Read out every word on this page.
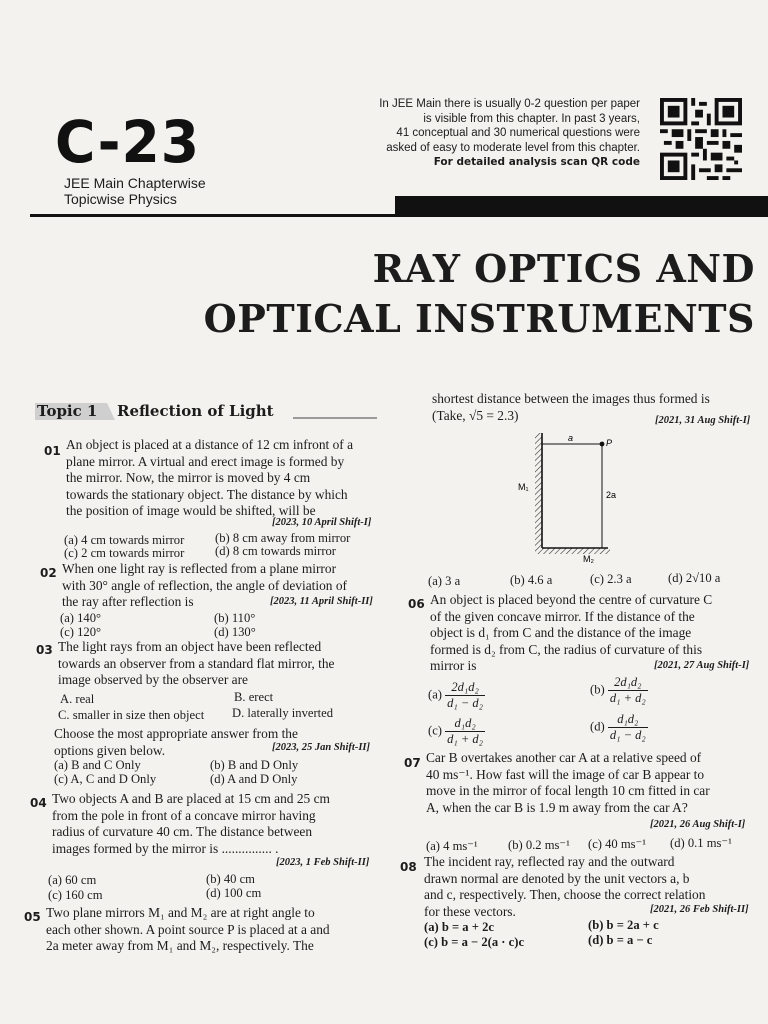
C-23
JEE Main Chapterwise
Topicwise Physics
In JEE Main there is usually 0-2 question per paper
is visible from this chapter. In past 3 years,
41 conceptual and 30 numerical questions were
asked of easy to moderate level from this chapter.
For detailed analysis scan QR code
RAY OPTICS AND
OPTICAL INSTRUMENTS
Topic 1 Reflection of Light
01 An object is placed at a distance of 12 cm infront of a
plane mirror. A virtual and erect image is formed by
the mirror. Now, the mirror is moved by 4 cm
towards the stationary object. The distance by which
the position of image would be shifted, will be
[2023, 10 April Shift-I]
(a) 4 cm towards mirror (b) 8 cm away from mirror
(c) 2 cm towards mirror (d) 8 cm towards mirror
02 When one light ray is reflected from a plane mirror
with 30° angle of reflection, the angle of deviation of
the ray after reflection is	[2023, 11 April Shift-II]
(a) 140°	(b) 110°
(c) 120°	(d) 130°
03 The light rays from an object have been reflected
towards an observer from a standard flat mirror, the
image observed by the observer are
A. real	B. erect
C. smaller in size then object D. laterally inverted
Choose the most appropriate answer from the
options given below.	[2023, 25 Jan Shift-II]
(a) B and C Only	(b) B and D Only
(c) A, C and D Only	(d) A and D Only
04 Two objects A and B are placed at 15 cm and 25 cm
from the pole in front of a concave mirror having
radius of curvature 40 cm. The distance between
images formed by the mirror is ............... .
[2023, 1 Feb Shift-II]
(a) 60 cm	(b) 40 cm
(c) 160 cm	(d) 100 cm
05 Two plane mirrors M₁ and M₂ are at right angle to
each other shown. A point source P is placed at a and
2a meter away from M₁ and M₂, respectively. The
shortest distance between the images thus formed is
(Take, √5 = 2.3)	[2021, 31 Aug Shift-I]
a	P
M₁
2a
M₂
(a) 3 a	(b) 4.6 a	(c) 2.3 a	(d) 2√10 a
06 An object is placed beyond the centre of curvature C
of the given concave mirror. If the distance of the
object is d₁ from C and the distance of the image
formed is d₂ from C, the radius of curvature of this
mirror is	[2021, 27 Aug Shift-I]
$(a) \frac{\text{2d₁d₂}}{\text{d₁ − d₂}}$	$(b) \frac{\text{2d₁d₂}}{\text{d₁ + d₂}}$
$(c) \frac{\text{d₁d₂}}{\text{d₁ + d₂}}$	$(d) \frac{\text{d₁d₂}}{\text{d₁ − d₂}}$
07 Car B overtakes another car A at a relative speed of
40 ms⁻¹. How fast will the image of car B appear to
move in the mirror of focal length 10 cm fitted in car
A, when the car B is 1.9 m away from the car A?
[2021, 26 Aug Shift-I]
(a) 4 ms⁻¹ (b) 0.2 ms⁻¹ (c) 40 ms⁻¹ (d) 0.1 ms⁻¹
08 The incident ray, reflected ray and the outward
drawn normal are denoted by the unit vectors a, b
and c, respectively. Then, choose the correct relation
for these vectors.	[2021, 26 Feb Shift-II]
(a) b = a + 2c	(b) b = 2a + c
(c) b = a − 2(a · c)c	(d) b = a − c
